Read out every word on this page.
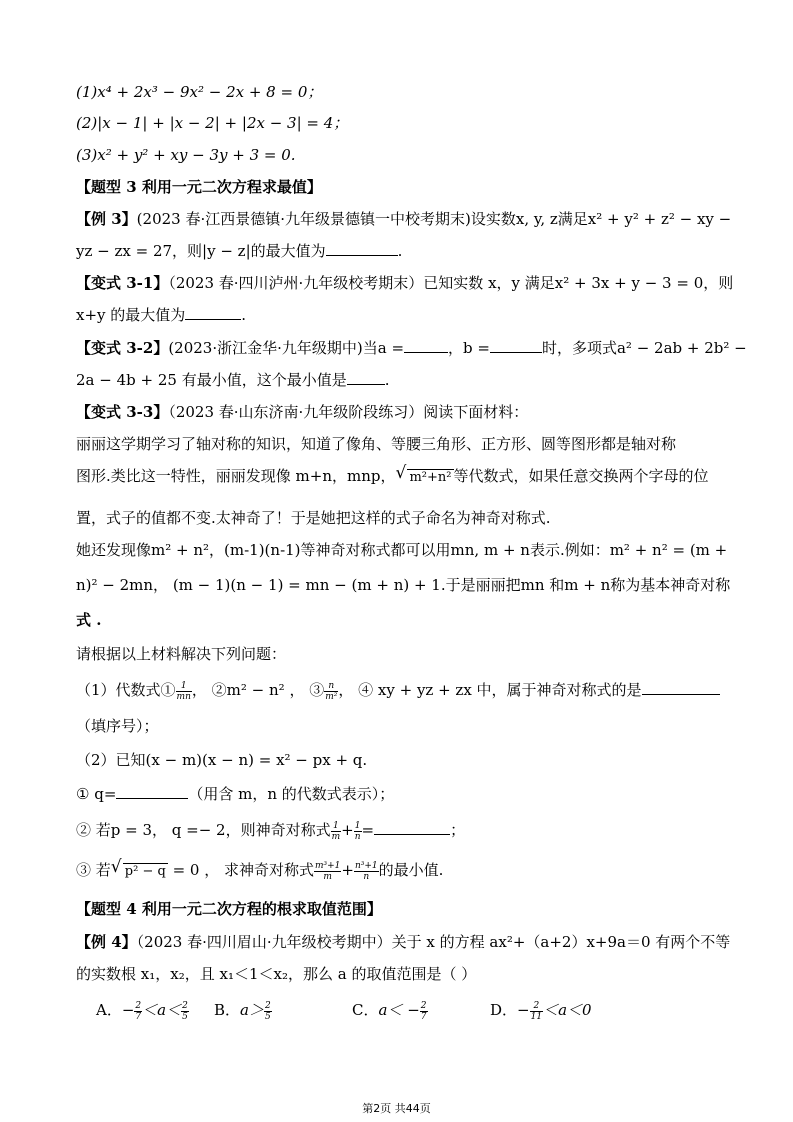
(1)x⁴ + 2x³ − 9x² − 2x + 8 = 0；
(2)|x − 1| + |x − 2| + |2x − 3| = 4；
(3)x² + y² + xy − 3y + 3 = 0.
【题型 3 利用一元二次方程求最值】
【例 3】(2023 春·江西景德镇·九年级景德镇一中校考期末)设实数x, y, z满足x² + y² + z² − xy −
yz − zx = 27，则|y − z|的最大值为	.
【变式 3-1】（2023 春·四川泸州·九年级校考期末）已知实数 x，y 满足x² + 3x + y − 3 = 0，则
x+y 的最大值为	.
【变式 3-2】(2023·浙江金华·九年级期中)当a =	，b =	时，多项式a² − 2ab + 2b² −
2a − 4b + 25 有最小值，这个最小值是	.
【变式 3-3】（2023 春·山东济南·九年级阶段练习）阅读下面材料：
丽丽这学期学习了轴对称的知识，知道了像角、等腰三角形、正方形、圆等图形都是轴对称
图形.类比这一特性，丽丽发现像 m+n，mnp， √ m²+n² 等代数式，如果任意交换两个字母的位
置，式子的值都不变.太神奇了！于是她把这样的式子命名为神奇对称式.
她还发现像m² + n²，(m-1)(n-1)等神奇对称式都可以用mn, m + n表示.例如：m² + n² = (m +
n)² − 2mn， (m − 1)(n − 1) = mn − (m + n) + 1.于是丽丽把mn 和m + n称为基本神奇对称
式 .
请根据以上材料解决下列问题：
（1）代数式① $\frac{1}{mn}$ ， ②m² − n² ， ③ $\frac{n}{\text{m²}}$ ， ④ xy + yz + zx 中，属于神奇对称式的是
（填序号）；
（2）已知(x − m)(x − n) = x² − px + q.
① q=	（用含 m，n 的代数式表示）；
② 若p = 3， q =− 2，则神奇对称式 $\frac{1}{m} + \frac{1}{n}$ =	；
③ 若 √ p² − q = 0 ， 求神奇对称式 $\frac{\text{m³+1}}{m} + \frac{\text{n³+1}}{n}$ 的最小值.
【题型 4 利用一元二次方程的根求取值范围】
【例 4】（2023 春·四川眉山·九年级校考期中）关于 x 的方程 ax²+（a+2）x+9a＝0 有两个不等
的实数根 x₁，x₂，且 x₁＜1＜x₂，那么 a 的取值范围是（ ）
A．− $\frac{2}{7} <a< \frac{2}{5}$ B．$a> \frac{2}{5}$	C．$a< - \frac{2}{7}$	D．− $\frac{2}{11} <a<0$
第2页 共44页
